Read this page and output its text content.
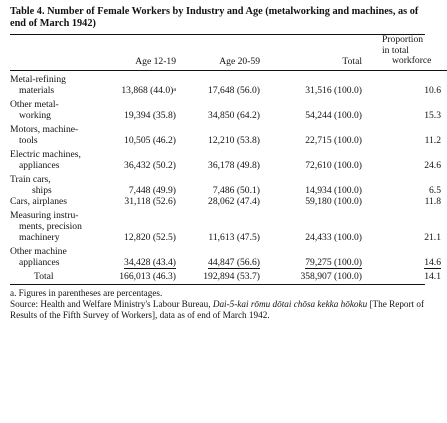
Table 4. Number of Female Workers by Industry and Age (metalworking and machines, as of end of March 1942)
	Age 12-19	Age 20-59	Total	Proportion
in total
workforce

Metal-refining
materials	13,868 $(44.0)^a$	17,648 (56.0)	31,516 (100.0)	10.6

Other metal-
working	19,394 (35.8)	34,850 (64.2)	54,244 (100.0)	15.3

Motors, machine-
tools	10,505 (46.2)	12,210 (53.8)	22,715 (100.0)	11.2

Electric machines,
appliances	36,432 (50.2)	36,178 (49.8)	72,610 (100.0)	24.6

Train cars,
ships	7,448 (49.9)	7,486 (50.1)	14,934 (100.0)	6.5
Cars, airplanes	31,118 (52.6)	28,062 (47.4)	59,180 (100.0)	11.8

Measuring instru-
ments, precision
machinery	12,820 (52.5)	11,613 (47.5)	24,433 (100.0)	21.1

Other machine
appliances	34,428 (43.4)	44,847 (56.6)	79,275 (100.0)	14.6
Total	166,013 (46.3)	192,894 (53.7)	358,907 (100.0)	14.1

a. Figures in parentheses are percentages.

Source: Health and Welfare Ministry's Labour Bureau, Dai-5-kai rōmu dōtai chōsa kekka hōkoku [The Report of Results of the Fifth Survey of Workers], data as of end of March 1942.
